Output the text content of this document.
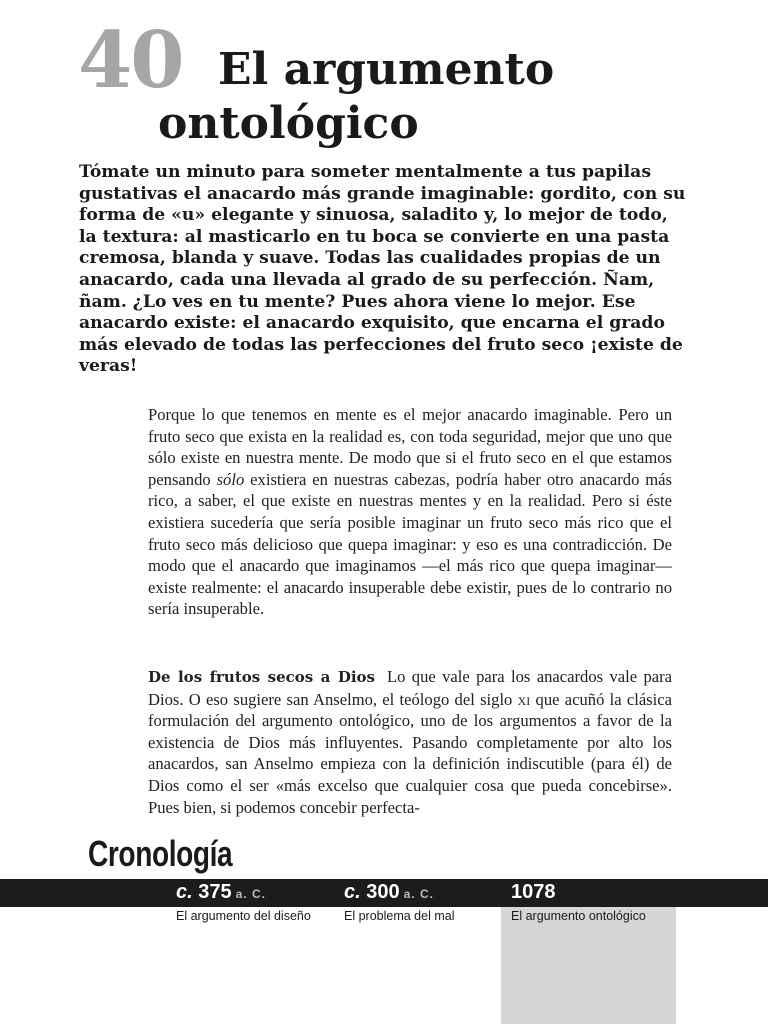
40 El argumento
ontológico

Tómate un minuto para someter mentalmente a tus papilas gustativas el anacardo más grande imaginable: gordito, con su forma de «u» elegante y sinuosa, saladito y, lo mejor de todo, la textura: al masticarlo en tu boca se convierte en una pasta cremosa, blanda y suave. Todas las cualidades propias de un anacardo, cada una llevada al grado de su perfección. Ñam, ñam. ¿Lo ves en tu mente? Pues ahora viene lo mejor. Ese anacardo existe: el anacardo exquisito, que encarna el grado más elevado de todas las perfecciones del fruto seco ¡existe de veras!

Porque lo que tenemos en mente es el mejor anacardo imaginable. Pero un fruto seco que exista en la realidad es, con toda seguridad, mejor que uno que sólo existe en nuestra mente. De modo que si el fruto seco en el que estamos pensando sólo existiera en nuestras cabezas, podría haber otro anacardo más rico, a saber, el que existe en nuestras mentes y en la realidad. Pero si éste existiera sucedería que sería posible imaginar un fruto seco más rico que el fruto seco más delicioso que quepa imaginar: y eso es una contradicción. De modo que el anacardo que imaginamos —el más rico que quepa imaginar— existe realmente: el anacardo insuperable debe existir, pues de lo contrario no sería insuperable.

De los frutos secos a Dios Lo que vale para los anacardos vale para Dios. O eso sugiere san Anselmo, el teólogo del siglo xi que acuñó la clásica formulación del argumento ontológico, uno de los argumentos a favor de la existencia de Dios más influyentes. Pasando completamente por alto los anacardos, san Anselmo empieza con la definición indiscutible (para él) de Dios como el ser «más excelso que cualquier cosa que pueda concebirse». Pues bien, si podemos concebir perfecta-

Cronología
c. 375 a. C.
El argumento del diseño
c. 300 a. C.
El problema del mal
1078
El argumento ontológico
